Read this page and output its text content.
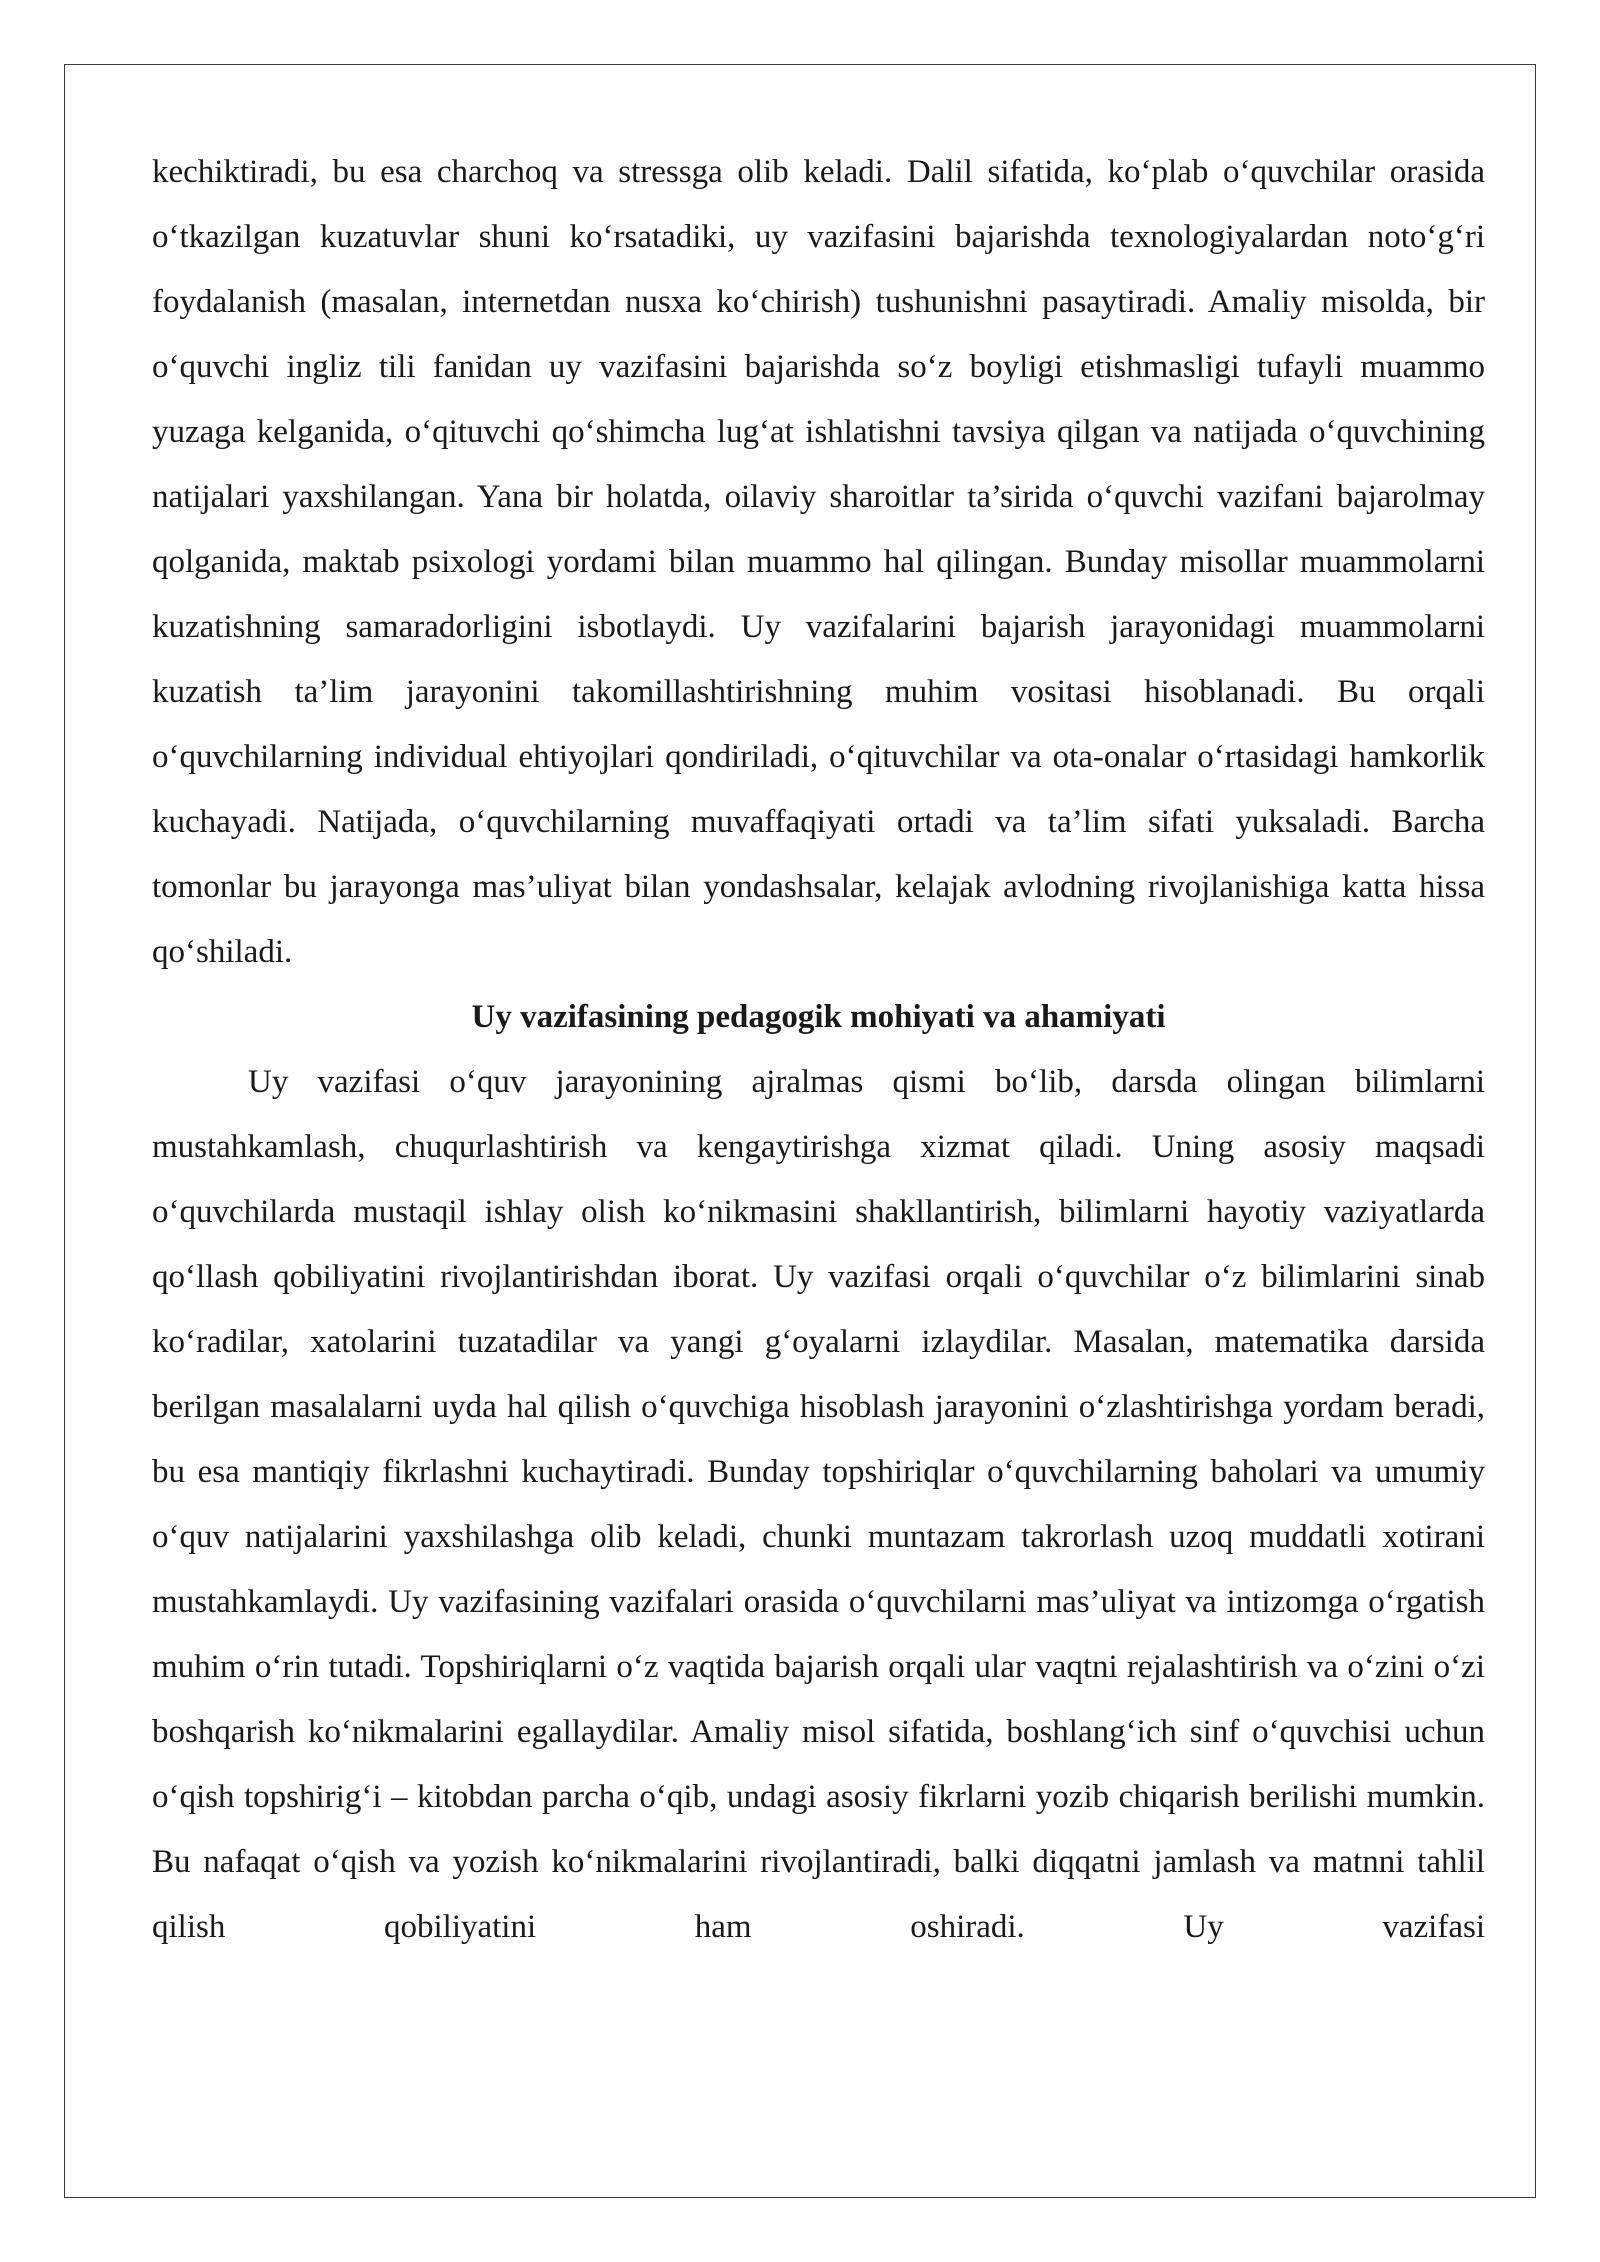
kechiktiradi, bu esa charchoq va stressga olib keladi. Dalil sifatida, ko‘plab o‘quvchilar orasida o‘tkazilgan kuzatuvlar shuni ko‘rsatadiki, uy vazifasini bajarishda texnologiyalardan noto‘g‘ri foydalanish (masalan, internetdan nusxa ko‘chirish) tushunishni pasaytiradi. Amaliy misolda, bir o‘quvchi ingliz tili fanidan uy vazifasini bajarishda so‘z boyligi etishmasligi tufayli muammo yuzaga kelganida, o‘qituvchi qo‘shimcha lug‘at ishlatishni tavsiya qilgan va natijada o‘quvchining natijalari yaxshilangan. Yana bir holatda, oilaviy sharoitlar ta’sirida o‘quvchi vazifani bajarolmay qolganida, maktab psixologi yordami bilan muammo hal qilingan. Bunday misollar muammolarni kuzatishning samaradorligini isbotlaydi. Uy vazifalarini bajarish jarayonidagi muammolarni kuzatish ta’lim jarayonini takomillashtirishning muhim vositasi hisoblanadi. Bu orqali o‘quvchilarning individual ehtiyojlari qondiriladi, o‘qituvchilar va ota-onalar o‘rtasidagi hamkorlik kuchayadi. Natijada, o‘quvchilarning muvaffaqiyati ortadi va ta’lim sifati yuksaladi. Barcha tomonlar bu jarayonga mas’uliyat bilan yondashsalar, kelajak avlodning rivojlanishiga katta hissa qo‘shiladi.

Uy vazifasining pedagogik mohiyati va ahamiyati

Uy vazifasi o‘quv jarayonining ajralmas qismi bo‘lib, darsda olingan bilimlarni mustahkamlash, chuqurlashtirish va kengaytirishga xizmat qiladi. Uning asosiy maqsadi o‘quvchilarda mustaqil ishlay olish ko‘nikmasini shakllantirish, bilimlarni hayotiy vaziyatlarda qo‘llash qobiliyatini rivojlantirishdan iborat. Uy vazifasi orqali o‘quvchilar o‘z bilimlarini sinab ko‘radilar, xatolarini tuzatadilar va yangi g‘oyalarni izlaydilar. Masalan, matematika darsida berilgan masalalarni uyda hal qilish o‘quvchiga hisoblash jarayonini o‘zlashtirishga yordam beradi, bu esa mantiqiy fikrlashni kuchaytiradi. Bunday topshiriqlar o‘quvchilarning baholari va umumiy o‘quv natijalarini yaxshilashga olib keladi, chunki muntazam takrorlash uzoq muddatli xotirani mustahkamlaydi. Uy vazifasining vazifalari orasida o‘quvchilarni mas’uliyat va intizomga o‘rgatish muhim o‘rin tutadi. Topshiriqlarni o‘z vaqtida bajarish orqali ular vaqtni rejalashtirish va o‘zini o‘zi boshqarish ko‘nikmalarini egallaydilar. Amaliy misol sifatida, boshlang‘ich sinf o‘quvchisi uchun o‘qish topshirig‘i – kitobdan parcha o‘qib, undagi asosiy fikrlarni yozib chiqarish berilishi mumkin. Bu nafaqat o‘qish va yozish ko‘nikmalarini rivojlantiradi, balki diqqatni jamlash va matnni tahlil qilish qobiliyatini ham oshiradi. Uy vazifasi
